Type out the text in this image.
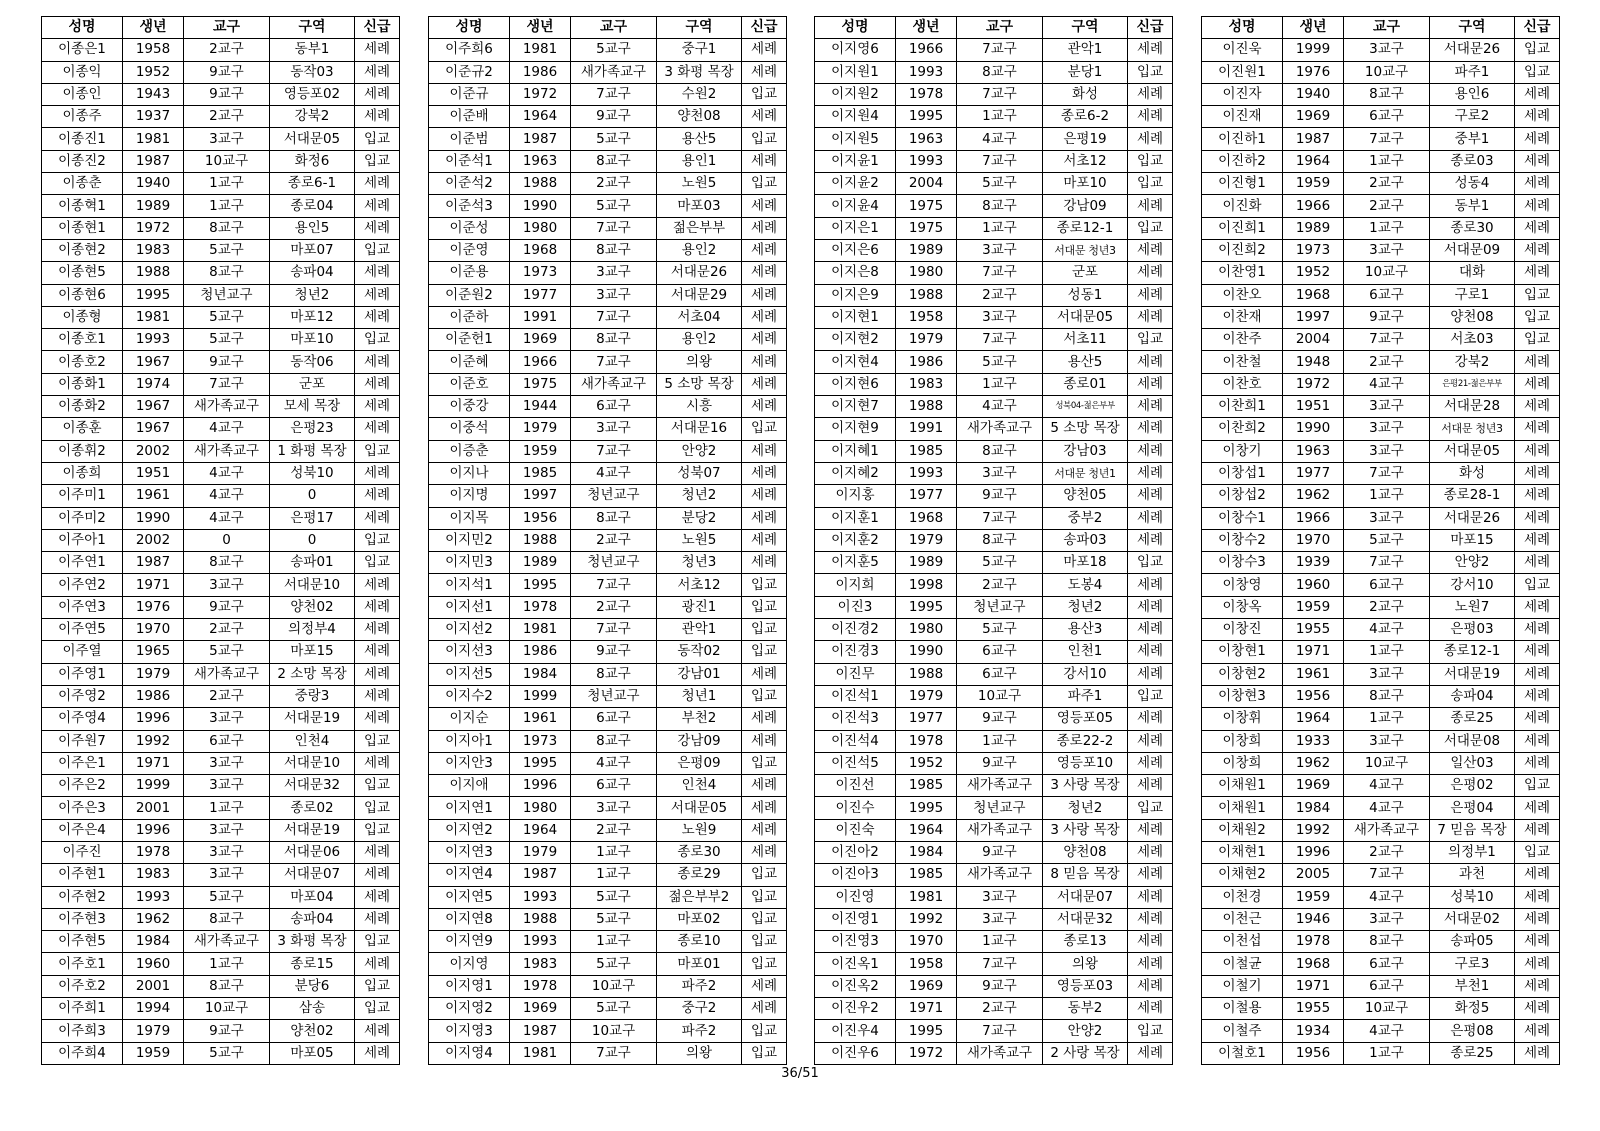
성명	생년	교구	구역	신급
이종은1	1958	2교구	동부1	세례
이종익	1952	9교구	동작03	세례
이종인	1943	9교구	영등포02	세례
이종주	1937	2교구	강북2	세례
이종진1	1981	3교구	서대문05	입교
이종진2	1987	10교구	화정6	입교
이종춘	1940	1교구	종로6-1	세례
이종혁1	1989	1교구	종로04	세례
이종현1	1972	8교구	용인5	세례
이종현2	1983	5교구	마포07	입교
이종현5	1988	8교구	송파04	세례
이종현6	1995	청년교구	청년2	세례
이종형	1981	5교구	마포12	세례
이종호1	1993	5교구	마포10	입교
이종호2	1967	9교구	동작06	세례
이종화1	1974	7교구	군포	세례
이종화2	1967	새가족교구	모세 목장	세례
이종훈	1967	4교구	은평23	세례
이종휘2	2002	새가족교구	1 화평 목장	입교
이종희	1951	4교구	성북10	세례
이주미1	1961	4교구	0	세례
이주미2	1990	4교구	은평17	세례
이주아1	2002	0	0	입교
이주연1	1987	8교구	송파01	입교
이주연2	1971	3교구	서대문10	세례
이주연3	1976	9교구	양천02	세례
이주연5	1970	2교구	의정부4	세례
이주열	1965	5교구	마포15	세례
이주영1	1979	새가족교구	2 소망 목장	세례
이주영2	1986	2교구	중랑3	세례
이주영4	1996	3교구	서대문19	세례
이주원7	1992	6교구	인천4	입교
이주은1	1971	3교구	서대문10	세례
이주은2	1999	3교구	서대문32	입교
이주은3	2001	1교구	종로02	입교
이주은4	1996	3교구	서대문19	입교
이주진	1978	3교구	서대문06	세례
이주현1	1983	3교구	서대문07	세례
이주현2	1993	5교구	마포04	세례
이주현3	1962	8교구	송파04	세례
이주현5	1984	새가족교구	3 화평 목장	입교
이주호1	1960	1교구	종로15	세례
이주호2	2001	8교구	분당6	입교
이주희1	1994	10교구	삼송	입교
이주희3	1979	9교구	양천02	세례
이주희4	1959	5교구	마포05	세례
성명	생년	교구	구역	신급
이주희6	1981	5교구	중구1	세례
이준규2	1986	새가족교구	3 화평 목장	세례
이준규	1972	7교구	수원2	입교
이준배	1964	9교구	양천08	세례
이준범	1987	5교구	용산5	입교
이준석1	1963	8교구	용인1	세례
이준석2	1988	2교구	노원5	입교
이준석3	1990	5교구	마포03	세례
이준성	1980	7교구	젊은부부	세례
이준영	1968	8교구	용인2	세례
이준용	1973	3교구	서대문26	세례
이준원2	1977	3교구	서대문29	세례
이준하	1991	7교구	서초04	세례
이준헌1	1969	8교구	용인2	세례
이준혜	1966	7교구	의왕	세례
이준호	1975	새가족교구	5 소망 목장	세례
이중강	1944	6교구	시흥	세례
이중석	1979	3교구	서대문16	입교
이증춘	1959	7교구	안양2	세례
이지나	1985	4교구	성북07	세례
이지명	1997	청년교구	청년2	세례
이지목	1956	8교구	분당2	세례
이지민2	1988	2교구	노원5	세례
이지민3	1989	청년교구	청년3	세례
이지석1	1995	7교구	서초12	입교
이지선1	1978	2교구	광진1	입교
이지선2	1981	7교구	관악1	입교
이지선3	1986	9교구	동작02	입교
이지선5	1984	8교구	강남01	세례
이지수2	1999	청년교구	청년1	입교
이지순	1961	6교구	부천2	세례
이지아1	1973	8교구	강남09	세례
이지안3	1995	4교구	은평09	입교
이지애	1996	6교구	인천4	세례
이지연1	1980	3교구	서대문05	세례
이지연2	1964	2교구	노원9	세례
이지연3	1979	1교구	종로30	세례
이지연4	1987	1교구	종로29	입교
이지연5	1993	5교구	젊은부부2	입교
이지연8	1988	5교구	마포02	입교
이지연9	1993	1교구	종로10	입교
이지영	1983	5교구	마포01	입교
이지영1	1978	10교구	파주2	세례
이지영2	1969	5교구	중구2	세례
이지영3	1987	10교구	파주2	입교
이지영4	1981	7교구	의왕	입교
성명	생년	교구	구역	신급
이지영6	1966	7교구	관악1	세례
이지원1	1993	8교구	분당1	입교
이지원2	1978	7교구	화성	세례
이지원4	1995	1교구	종로6-2	세례
이지원5	1963	4교구	은평19	세례
이지윤1	1993	7교구	서초12	입교
이지윤2	2004	5교구	마포10	입교
이지윤4	1975	8교구	강남09	세례
이지은1	1975	1교구	종로12-1	입교
이지은6	1989	3교구	서대문 청년3	세례
이지은8	1980	7교구	군포	세례
이지은9	1988	2교구	성동1	세례
이지현1	1958	3교구	서대문05	세례
이지현2	1979	7교구	서초11	입교
이지현4	1986	5교구	용산5	세례
이지현6	1983	1교구	종로01	세례
이지현7	1988	4교구	성북04-젊은부부	세례
이지현9	1991	새가족교구	5 소망 목장	세례
이지혜1	1985	8교구	강남03	세례
이지혜2	1993	3교구	서대문 청년1	세례
이지홍	1977	9교구	양천05	세례
이지훈1	1968	7교구	중부2	세례
이지훈2	1979	8교구	송파03	세례
이지훈5	1989	5교구	마포18	입교
이지희	1998	2교구	도봉4	세례
이진3	1995	청년교구	청년2	세례
이진경2	1980	5교구	용산3	세례
이진경3	1990	6교구	인천1	세례
이진무	1988	6교구	강서10	세례
이진석1	1979	10교구	파주1	입교
이진석3	1977	9교구	영등포05	세례
이진석4	1978	1교구	종로22-2	세례
이진석5	1952	9교구	영등포10	세례
이진선	1985	새가족교구	3 사랑 목장	세례
이진수	1995	청년교구	청년2	입교
이진숙	1964	새가족교구	3 사랑 목장	세례
이진아2	1984	9교구	양천08	세례
이진아3	1985	새가족교구	8 믿음 목장	세례
이진영	1981	3교구	서대문07	세례
이진영1	1992	3교구	서대문32	세례
이진영3	1970	1교구	종로13	세례
이진옥1	1958	7교구	의왕	세례
이진옥2	1969	9교구	영등포03	세례
이진우2	1971	2교구	동부2	세례
이진우4	1995	7교구	안양2	입교
이진우6	1972	새가족교구	2 사랑 목장	세례
성명	생년	교구	구역	신급
이진욱	1999	3교구	서대문26	입교
이진원1	1976	10교구	파주1	입교
이진자	1940	8교구	용인6	세례
이진재	1969	6교구	구로2	세례
이진하1	1987	7교구	중부1	세례
이진하2	1964	1교구	종로03	세례
이진형1	1959	2교구	성동4	세례
이진화	1966	2교구	동부1	세례
이진희1	1989	1교구	종로30	세례
이진희2	1973	3교구	서대문09	세례
이찬영1	1952	10교구	대화	세례
이찬오	1968	6교구	구로1	입교
이찬재	1997	9교구	양천08	입교
이찬주	2004	7교구	서초03	입교
이찬철	1948	2교구	강북2	세례
이찬호	1972	4교구	은평21-젊은부부	세례
이찬희1	1951	3교구	서대문28	세례
이찬희2	1990	3교구	서대문 청년3	세례
이창기	1963	3교구	서대문05	세례
이창섭1	1977	7교구	화성	세례
이창섭2	1962	1교구	종로28-1	세례
이창수1	1966	3교구	서대문26	세례
이창수2	1970	5교구	마포15	세례
이창수3	1939	7교구	안양2	세례
이창영	1960	6교구	강서10	입교
이창옥	1959	2교구	노원7	세례
이창진	1955	4교구	은평03	세례
이창현1	1971	1교구	종로12-1	세례
이창현2	1961	3교구	서대문19	세례
이창현3	1956	8교구	송파04	세례
이창휘	1964	1교구	종로25	세례
이창희	1933	3교구	서대문08	세례
이창희	1962	10교구	일산03	세례
이채원1	1969	4교구	은평02	입교
이채원1	1984	4교구	은평04	세례
이채원2	1992	새가족교구	7 믿음 목장	세례
이채현1	1996	2교구	의정부1	입교
이채현2	2005	7교구	과천	세례
이천경	1959	4교구	성북10	세례
이천근	1946	3교구	서대문02	세례
이천섭	1978	8교구	송파05	세례
이철균	1968	6교구	구로3	세례
이철기	1971	6교구	부천1	세례
이철용	1955	10교구	화정5	세례
이철주	1934	4교구	은평08	세례
이철호1	1956	1교구	종로25	세례
36/51
